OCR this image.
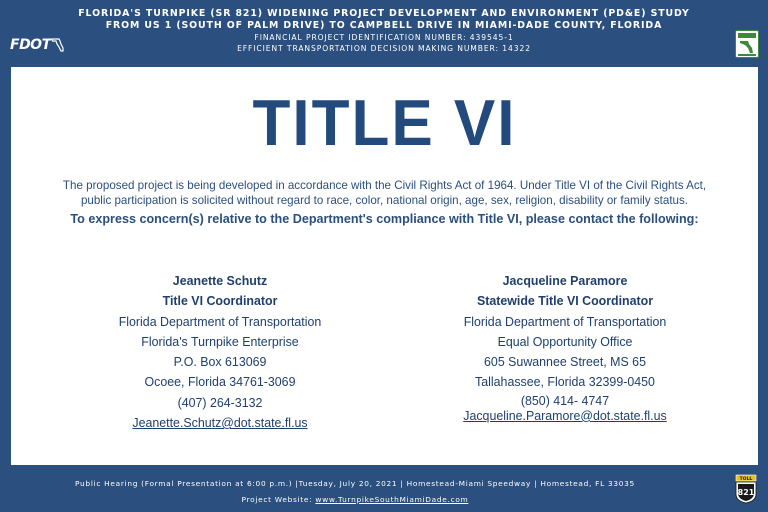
FLORIDA'S TURNPIKE (SR 821) WIDENING PROJECT DEVELOPMENT AND ENVIRONMENT (PD&E) STUDY
FROM US 1 (SOUTH OF PALM DRIVE) TO CAMPBELL DRIVE IN MIAMI-DADE COUNTY, FLORIDA
FINANCIAL PROJECT IDENTIFICATION NUMBER: 439545-1
EFFICIENT TRANSPORTATION DECISION MAKING NUMBER: 14322
FDOT
TITLE VI
The proposed project is being developed in accordance with the Civil Rights Act of 1964. Under Title VI of the Civil Rights Act,
public participation is solicited without regard to race, color, national origin, age, sex, religion, disability or family status.
To express concern(s) relative to the Department's compliance with Title VI, please contact the following:
Jeanette Schutz
Title VI Coordinator
Florida Department of Transportation
Florida's Turnpike Enterprise
P.O. Box 613069
Ocoee, Florida 34761-3069
(407) 264-3132
Jeanette.Schutz@dot.state.fl.us
Jacqueline Paramore
Statewide Title VI Coordinator
Florida Department of Transportation
Equal Opportunity Office
605 Suwannee Street, MS 65
Tallahassee, Florida 32399-0450
(850) 414- 4747
Jacqueline.Paramore@dot.state.fl.us
Public Hearing (Formal Presentation at 6:00 p.m.) |Tuesday, July 20, 2021 | Homestead-Miami Speedway | Homestead, FL 33035
Project Website: www.TurnpikeSouthMiamiDade.com
TOLL
821
